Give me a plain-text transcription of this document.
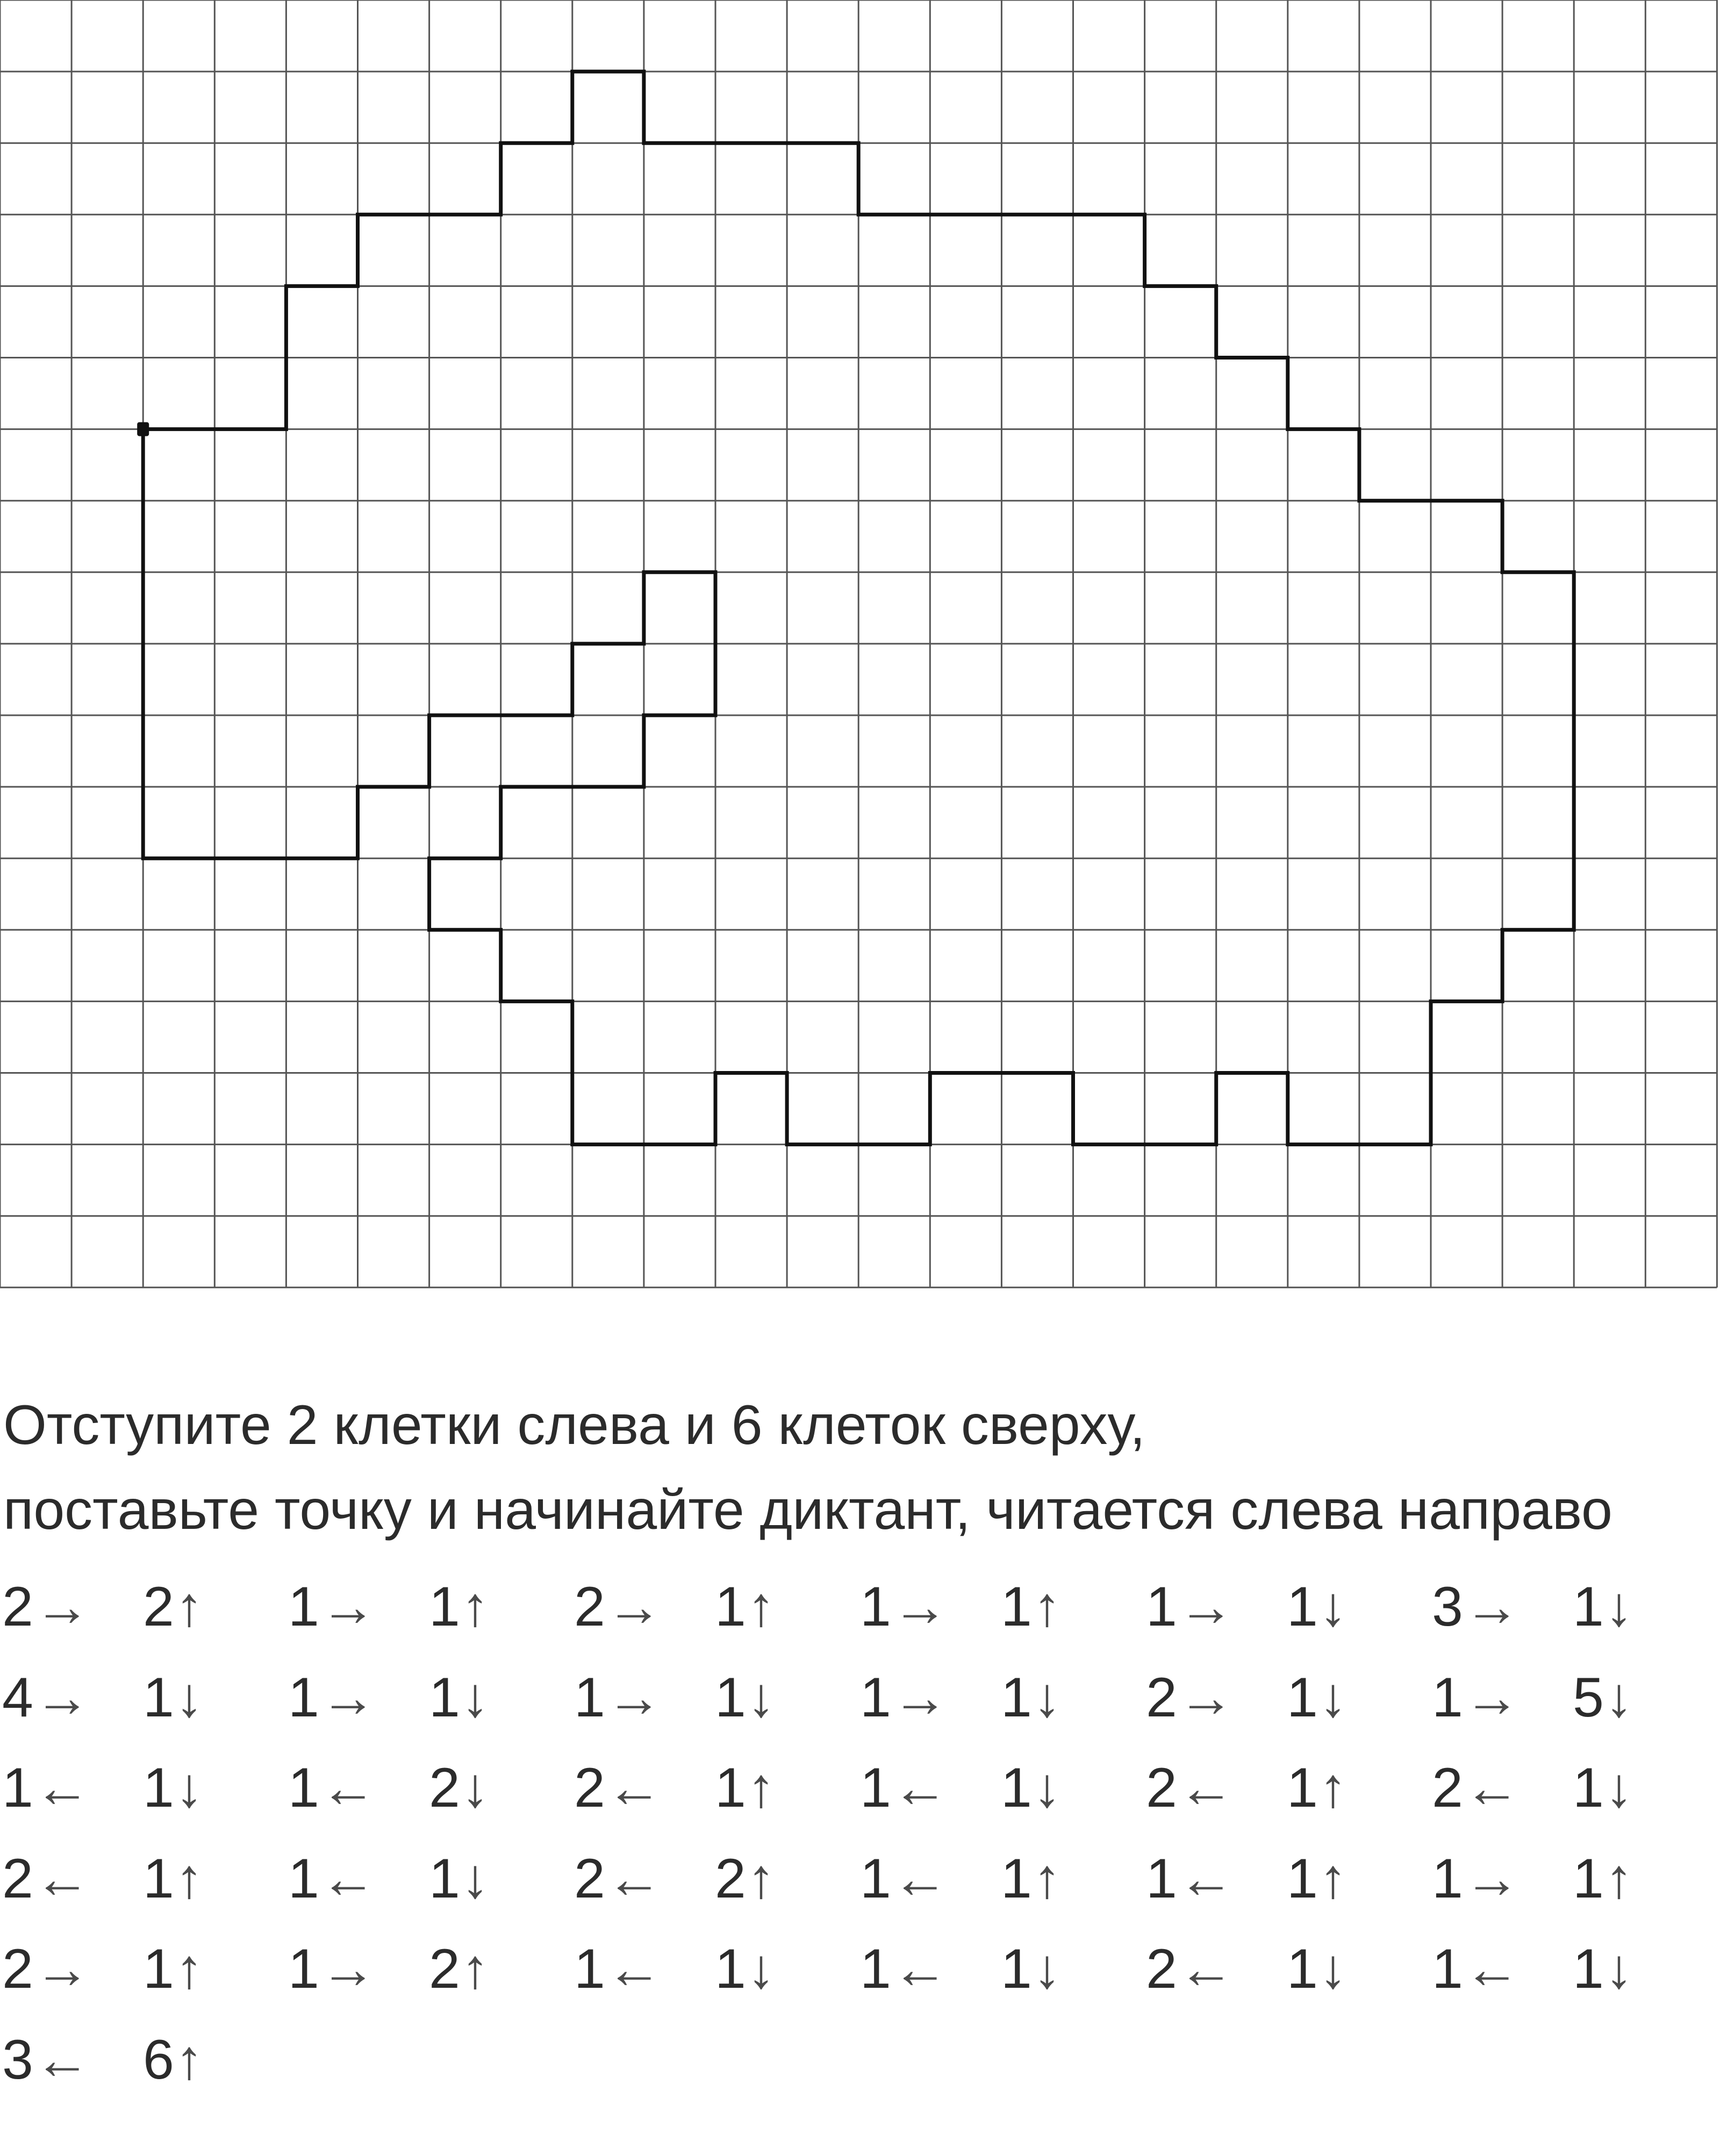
Отступите 2 клетки слева и 6 клеток сверху,

поставьте точку и начинайте диктант, читается слева направо

2→ 2↑ 1→ 1↑ 2→ 1↑ 1→ 1↑ 1→ 1↓ 3→ 1↓
4→ 1↓ 1→ 1↓ 1→ 1↓ 1→ 1↓ 2→ 1↓ 1→ 5↓
1← 1↓ 1← 2↓ 2← 1↑ 1← 1↓ 2← 1↑ 2← 1↓
2← 1↑ 1← 1↓ 2← 2↑ 1← 1↑ 1← 1↑ 1→ 1↑
2→ 1↑ 1→ 2↑ 1← 1↓ 1← 1↓ 2← 1↓ 1← 1↓
3← 6↑
